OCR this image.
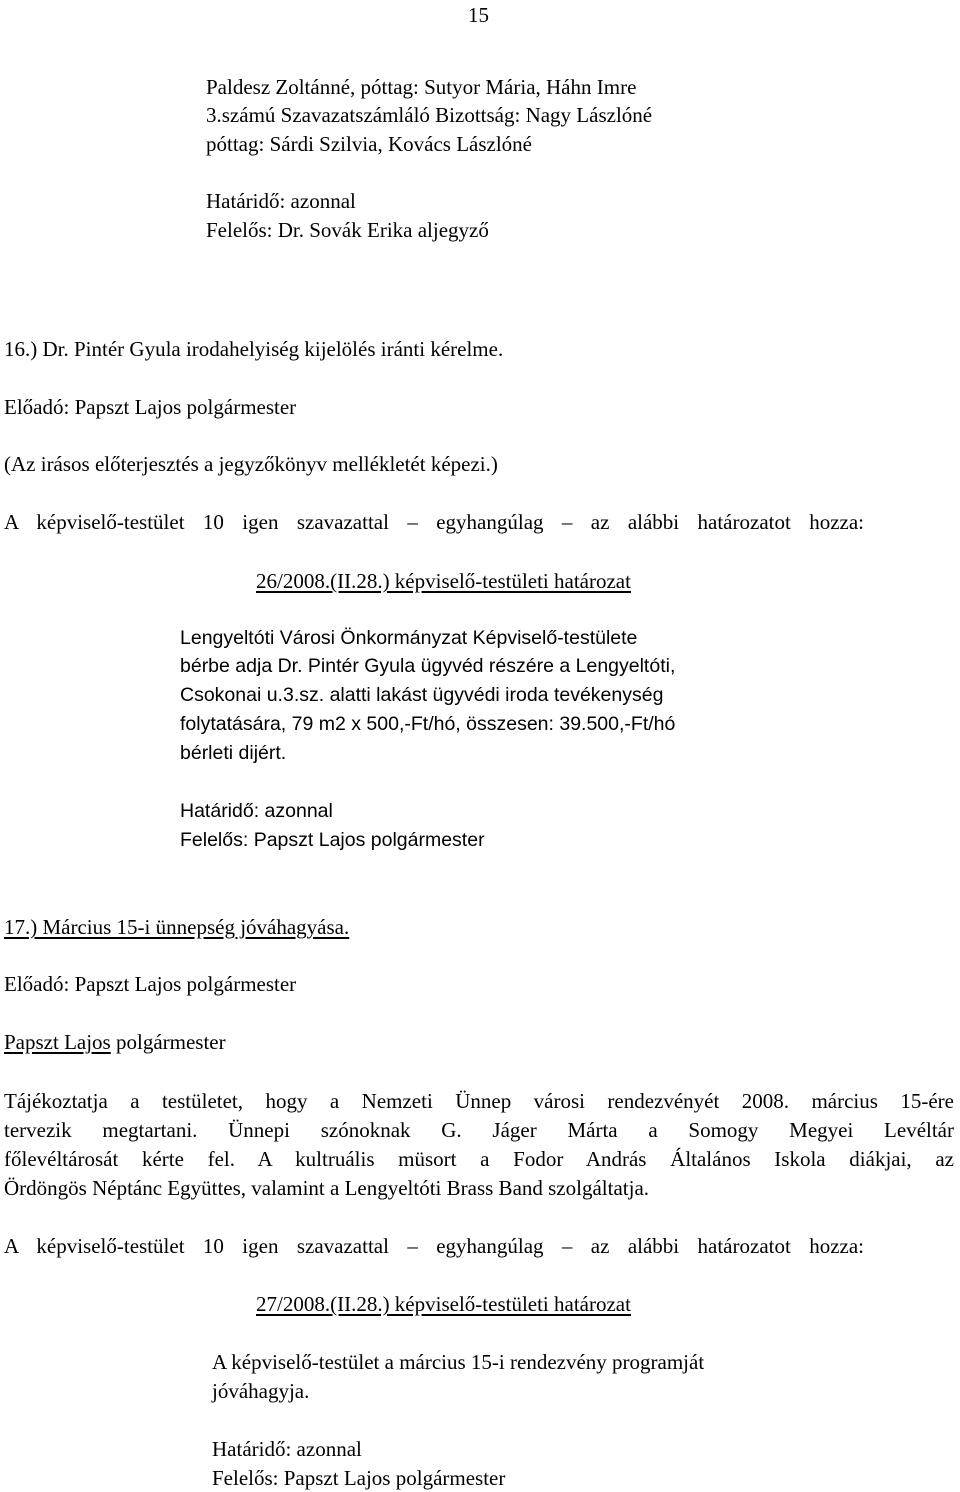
15
Paldesz Zoltánné, póttag: Sutyor Mária, Háhn Imre
3.számú Szavazatszámláló Bizottság: Nagy Lászlóné
póttag: Sárdi Szilvia, Kovács Lászlóné
Határidő: azonnal
Felelős: Dr. Sovák Erika aljegyző
16.) Dr. Pintér Gyula irodahelyiség kijelölés iránti kérelme.
Előadó: Papszt Lajos polgármester
(Az irásos előterjesztés a jegyzőkönyv mellékletét képezi.)
A képviselő-testület 10 igen szavazattal – egyhangúlag – az alábbi határozatot hozza:
26/2008.(II.28.) képviselő-testületi határozat
Lengyeltóti Városi Önkormányzat Képviselő-testülete
bérbe adja Dr. Pintér Gyula ügyvéd részére a Lengyeltóti,
Csokonai u.3.sz. alatti lakást ügyvédi iroda tevékenység
folytatására, 79 m2 x 500,-Ft/hó, összesen: 39.500,-Ft/hó
bérleti dijért.
Határidő: azonnal
Felelős: Papszt Lajos polgármester
17.) Március 15-i ünnepség jóváhagyása.
Előadó: Papszt Lajos polgármester
Papszt Lajos polgármester
Tájékoztatja a testületet, hogy a Nemzeti Ünnep városi rendezvényét 2008. március 15-ére
tervezik megtartani. Ünnepi szónoknak G. Jáger Márta a Somogy Megyei Levéltár
főlevéltárosát kérte fel. A kultruális müsort a Fodor András Általános Iskola diákjai, az
Ördöngös Néptánc Együttes, valamint a Lengyeltóti Brass Band szolgáltatja.
A képviselő-testület 10 igen szavazattal – egyhangúlag – az alábbi határozatot hozza:
27/2008.(II.28.) képviselő-testületi határozat
A képviselő-testület a március 15-i rendezvény programját
jóváhagyja.
Határidő: azonnal
Felelős: Papszt Lajos polgármester
